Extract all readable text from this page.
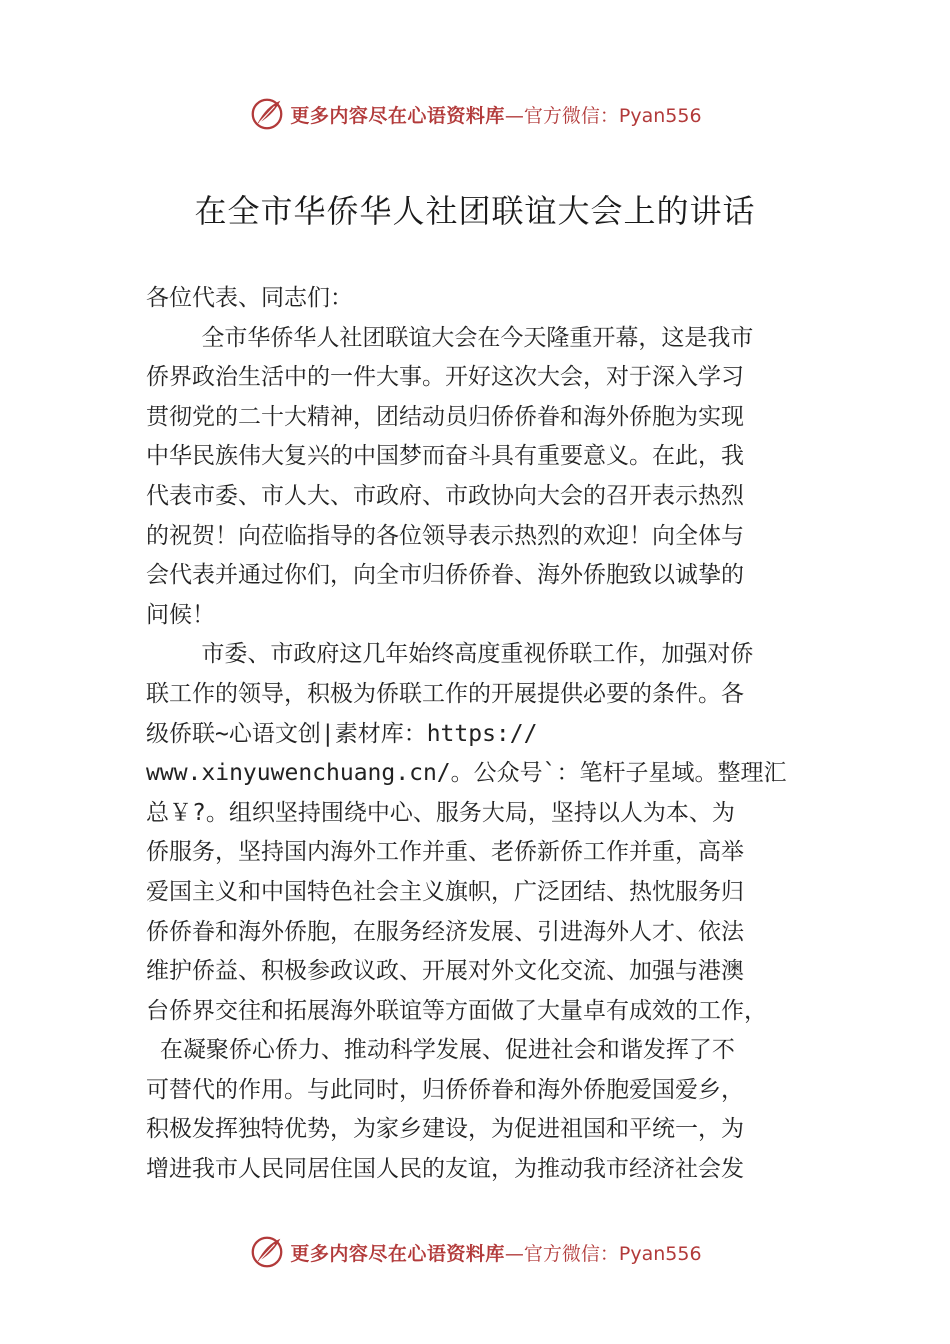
更多内容尽在心语资料库 —官方微信：Pyan556
在全市华侨华人社团联谊大会上的讲话
各位代表、同志们：
全市华侨华人社团联谊大会在今天隆重开幕，这是我市
侨界政治生活中的一件大事。开好这次大会，对于深入学习
贯彻党的二十大精神，团结动员归侨侨眷和海外侨胞为实现
中华民族伟大复兴的中国梦而奋斗具有重要意义。在此，我
代表市委、市人大、市政府、市政协向大会的召开表示热烈
的祝贺！向莅临指导的各位领导表示热烈的欢迎！向全体与
会代表并通过你们，向全市归侨侨眷、海外侨胞致以诚挚的
问候！
市委、市政府这几年始终高度重视侨联工作，加强对侨
联工作的领导，积极为侨联工作的开展提供必要的条件。各
级侨联~心语文创|素材库：https://
www.xinyuwenchuang.cn/。公众号`：笔杆子星域。整理汇
总￥?。组织坚持围绕中心、服务大局，坚持以人为本、为
侨服务，坚持国内海外工作并重、老侨新侨工作并重，高举
爱国主义和中国特色社会主义旗帜，广泛团结、热忱服务归
侨侨眷和海外侨胞，在服务经济发展、引进海外人才、依法
维护侨益、积极参政议政、开展对外文化交流、加强与港澳
台侨界交往和拓展海外联谊等方面做了大量卓有成效的工作，
在凝聚侨心侨力、推动科学发展、促进社会和谐发挥了不
可替代的作用。与此同时，归侨侨眷和海外侨胞爱国爱乡，
积极发挥独特优势，为家乡建设，为促进祖国和平统一，为
增进我市人民同居住国人民的友谊，为推动我市经济社会发
更多内容尽在心语资料库 —官方微信：Pyan556
